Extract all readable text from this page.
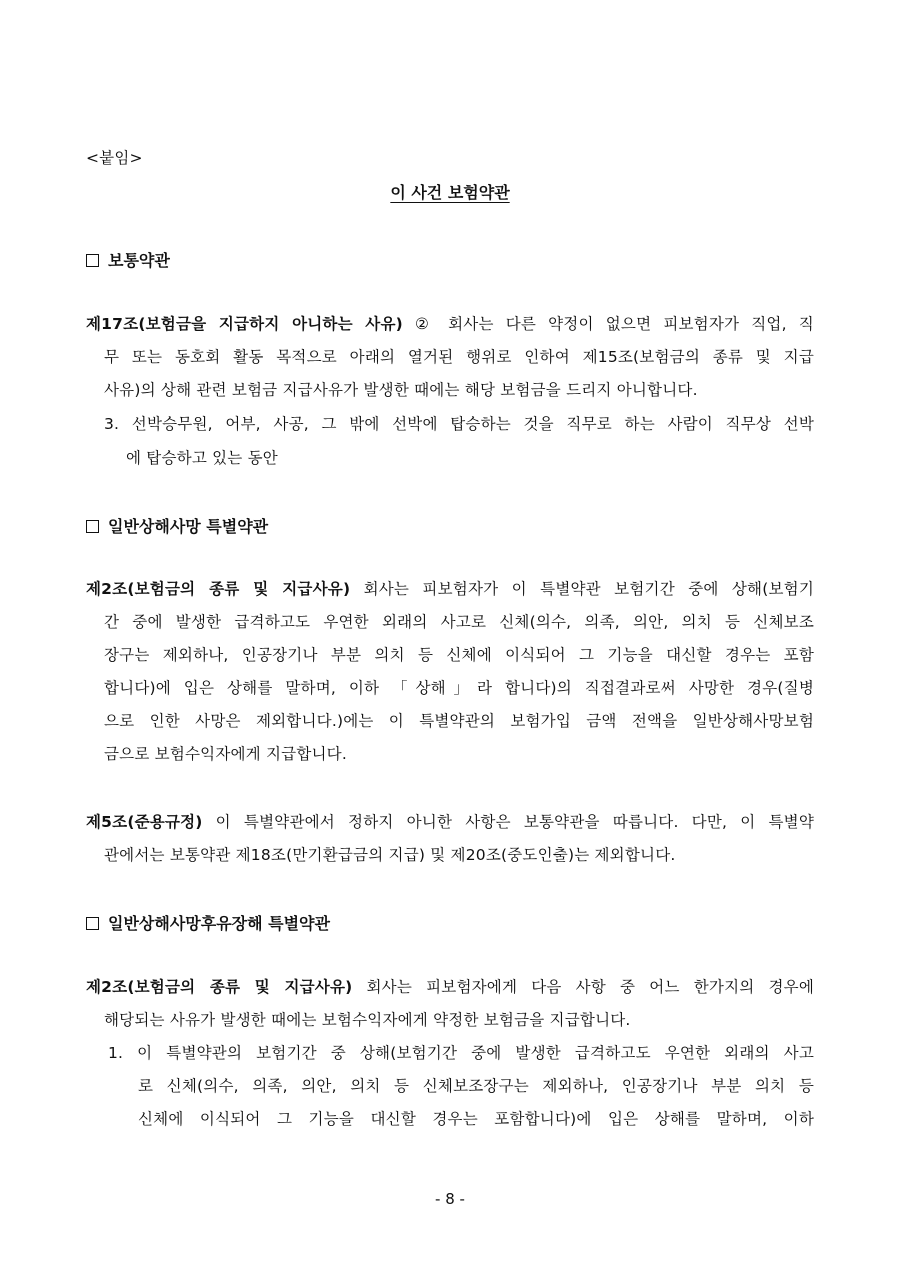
<붙임>
이 사건 보험약관
보통약관
제17조(보험금을 지급하지 아니하는 사유) ② 회사는 다른 약정이 없으면 피보험자가 직업, 직
무 또는 동호회 활동 목적으로 아래의 열거된 행위로 인하여 제15조(보험금의 종류 및 지급
사유)의 상해 관련 보험금 지급사유가 발생한 때에는 해당 보험금을 드리지 아니합니다.
3. 선박승무원, 어부, 사공, 그 밖에 선박에 탑승하는 것을 직무로 하는 사람이 직무상 선박
에 탑승하고 있는 동안
일반상해사망 특별약관
제2조(보험금의 종류 및 지급사유) 회사는 피보험자가 이 특별약관 보험기간 중에 상해(보험기
간 중에 발생한 급격하고도 우연한 외래의 사고로 신체(의수, 의족, 의안, 의치 등 신체보조
장구는 제외하나, 인공장기나 부분 의치 등 신체에 이식되어 그 기능을 대신할 경우는 포함
합니다)에 입은 상해를 말하며, 이하 「상해」라 합니다)의 직접결과로써 사망한 경우(질병
으로 인한 사망은 제외합니다.)에는 이 특별약관의 보험가입 금액 전액을 일반상해사망보험
금으로 보험수익자에게 지급합니다.
제5조(준용규정) 이 특별약관에서 정하지 아니한 사항은 보통약관을 따릅니다. 다만, 이 특별약
관에서는 보통약관 제18조(만기환급금의 지급) 및 제20조(중도인출)는 제외합니다.
일반상해사망후유장해 특별약관
제2조(보험금의 종류 및 지급사유) 회사는 피보험자에게 다음 사항 중 어느 한가지의 경우에
해당되는 사유가 발생한 때에는 보험수익자에게 약정한 보험금을 지급합니다.
1. 이 특별약관의 보험기간 중 상해(보험기간 중에 발생한 급격하고도 우연한 외래의 사고
로 신체(의수, 의족, 의안, 의치 등 신체보조장구는 제외하나, 인공장기나 부분 의치 등
신체에 이식되어 그 기능을 대신할 경우는 포함합니다)에 입은 상해를 말하며, 이하
- 8 -
